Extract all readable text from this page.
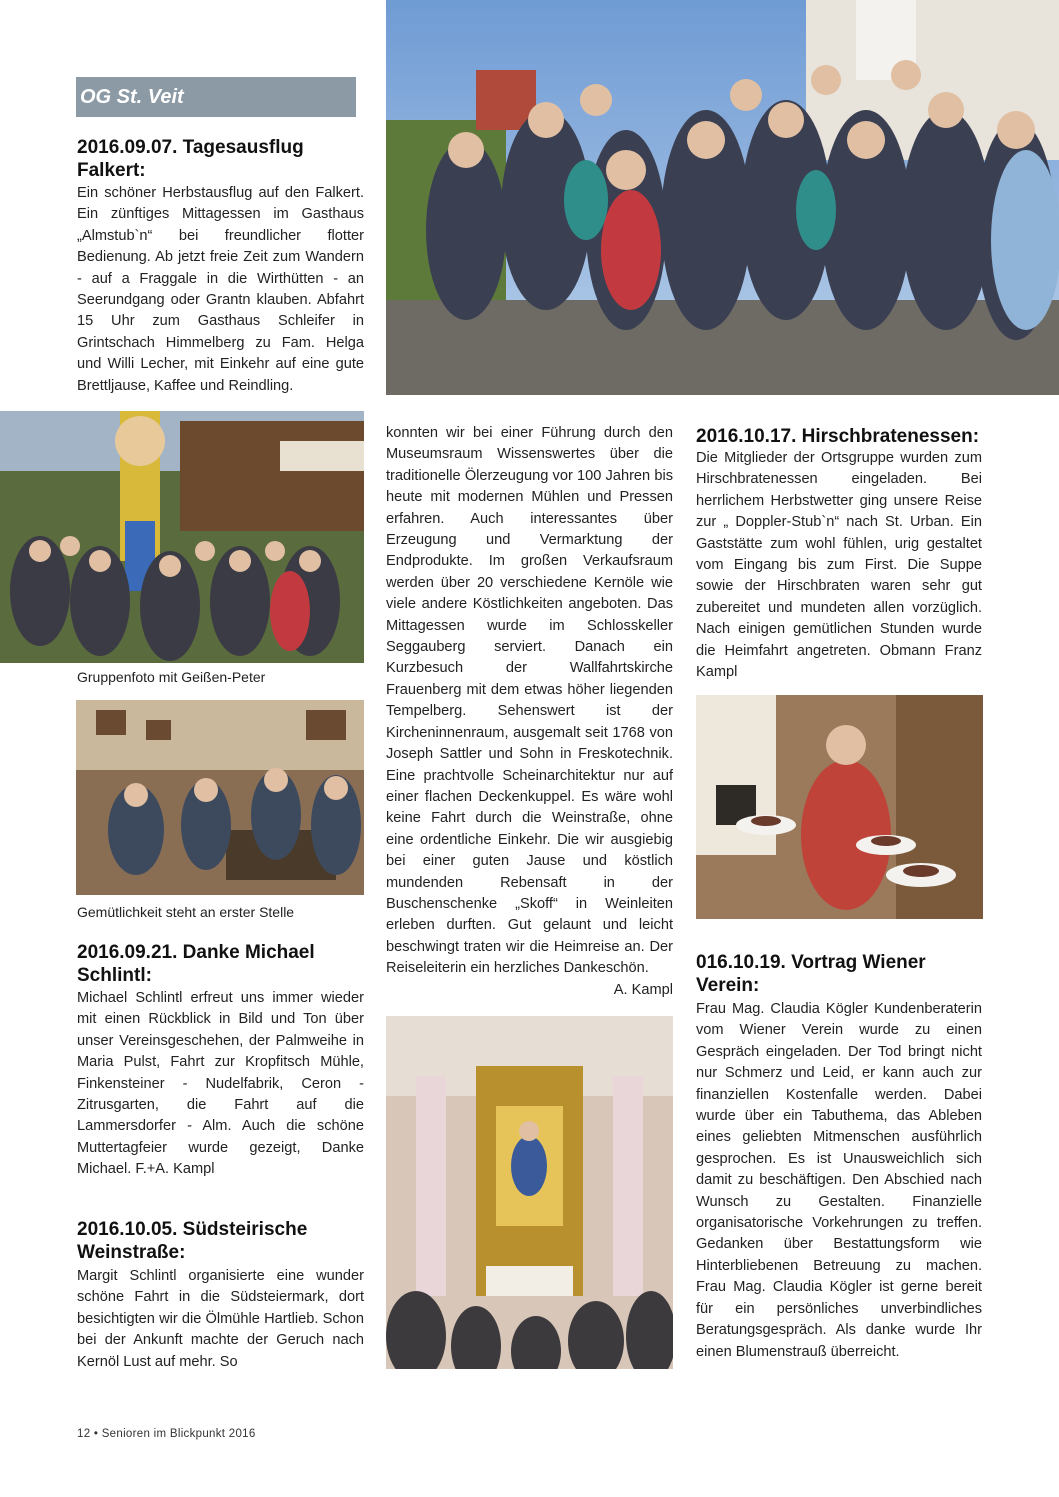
OG St. Veit
2016.09.07. Tagesausflug Falkert:
Ein schöner Herbstausflug auf den Falkert. Ein zünftiges Mittagessen im Gasthaus „Almstub`n“ bei freundlicher flotter Bedienung. Ab jetzt freie Zeit zum Wandern - auf a Fraggale in die Wirthütten - an Seerundgang oder Grantn klauben. Abfahrt 15 Uhr zum Gasthaus Schleifer in Grintschach Himmelberg zu Fam. Helga und Willi Lecher, mit Einkehr auf eine gute Brettljause, Kaffee und Reindling.
Gruppenfoto mit Geißen-Peter
Gemütlichkeit steht an erster Stelle
2016.09.21. Danke Michael Schlintl:
Michael Schlintl erfreut uns immer wieder mit einen Rückblick in Bild und Ton über unser Vereinsgeschehen, der Palmweihe in Maria Pulst, Fahrt zur Kropfitsch Mühle, Finkensteiner - Nudelfabrik, Ceron - Zitrusgarten, die Fahrt auf die Lammersdorfer - Alm. Auch die schöne Muttertagfeier wurde gezeigt, Danke Michael. F.+A. Kampl
2016.10.05. Südsteirische Weinstraße:
Margit Schlintl organisierte eine wunder schöne Fahrt in die Südsteiermark, dort besichtigten wir die Ölmühle Hartlieb. Schon bei der Ankunft machte der Geruch nach Kernöl Lust auf mehr. So
konnten wir bei einer Führung durch den Museumsraum Wissenswertes über die traditionelle Ölerzeugung vor 100 Jahren bis heute mit modernen Mühlen und Pressen erfahren. Auch interessantes über Erzeugung und Vermarktung der Endprodukte. Im großen Verkaufsraum werden über 20 verschiedene Kernöle wie viele andere Köstlichkeiten angeboten. Das Mittagessen wurde im Schlosskeller Seggauberg serviert. Danach ein Kurzbesuch der Wallfahrtskirche Frauenberg mit dem etwas höher liegenden Tempelberg. Sehenswert ist der Kircheninnenraum, ausgemalt seit 1768 von Joseph Sattler und Sohn in Freskotechnik. Eine prachtvolle Scheinarchitektur nur auf einer flachen Deckenkuppel. Es wäre wohl keine Fahrt durch die Weinstraße, ohne eine ordentliche Einkehr. Die wir ausgiebig bei einer guten Jause und köstlich mundenden Rebensaft in der Buschenschenke „Skoff“ in Weinleiten erleben durften. Gut gelaunt und leicht beschwingt traten wir die Heimreise an. Der Reiseleiterin ein herzliches Dankeschön.
A. Kampl
2016.10.17. Hirschbratenessen:
Die Mitglieder der Ortsgruppe wurden zum Hirschbratenessen eingeladen. Bei herrlichem Herbstwetter ging unsere Reise zur „ Doppler-Stub`n“ nach St. Urban. Ein Gaststätte zum wohl fühlen, urig gestaltet vom Eingang bis zum First. Die Suppe sowie der Hirschbraten waren sehr gut zubereitet und mundeten allen vorzüglich. Nach einigen gemütlichen Stunden wurde die Heimfahrt angetreten. Obmann Franz Kampl
016.10.19. Vortrag Wiener Verein:
Frau Mag. Claudia Kögler Kundenberaterin vom Wiener Verein wurde zu einen Gespräch eingeladen. Der Tod bringt nicht nur Schmerz und Leid, er kann auch zur finanziellen Kostenfalle werden. Dabei wurde über ein Tabuthema, das Ableben eines geliebten Mitmenschen ausführlich gesprochen. Es ist Unausweichlich sich damit zu beschäftigen. Den Abschied nach Wunsch zu Gestalten. Finanzielle organisatorische Vorkehrungen zu treffen. Gedanken über Bestattungsform wie Hinterbliebenen Betreuung zu machen. Frau Mag. Claudia Kögler ist gerne bereit für ein persönliches unverbindliches Beratungsgespräch. Als danke wurde Ihr einen Blumenstrauß überreicht.
12 • Senioren im Blickpunkt 2016
